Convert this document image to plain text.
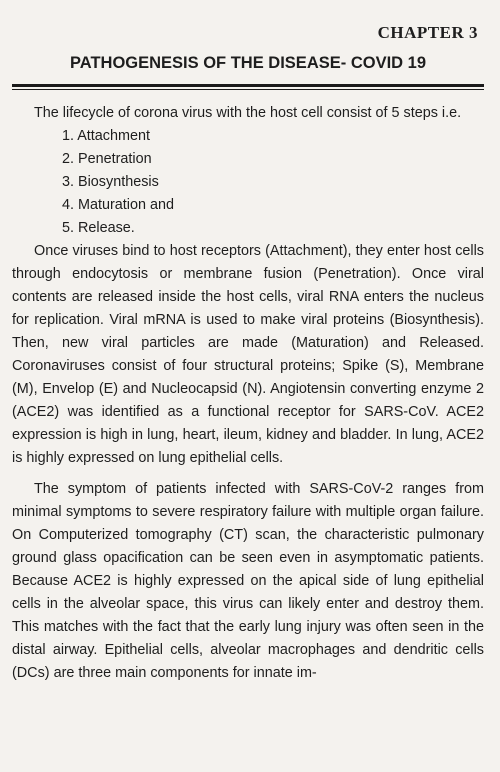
CHAPTER 3
PATHOGENESIS OF THE DISEASE- COVID 19

The lifecycle of corona virus with the host cell consist of 5 steps i.e.

1. Attachment
2. Penetration
3. Biosynthesis
4. Maturation and
5. Release.

Once viruses bind to host receptors (Attachment), they enter host cells through endocytosis or membrane fusion (Penetration). Once viral contents are released inside the host cells, viral RNA enters the nucleus for replication. Viral mRNA is used to make viral proteins (Biosynthesis). Then, new viral particles are made (Maturation) and Released. Coronaviruses consist of four structural proteins; Spike (S), Membrane (M), Envelop (E) and Nucleocapsid (N). Angiotensin converting enzyme 2 (ACE2) was identified as a functional receptor for SARS-CoV. ACE2 expression is high in lung, heart, ileum, kidney and bladder. In lung, ACE2 is highly expressed on lung epithelial cells.

The symptom of patients infected with SARS-CoV-2 ranges from minimal symptoms to severe respiratory failure with multiple organ failure. On Computerized tomography (CT) scan, the characteristic pulmonary ground glass opacification can be seen even in asymptomatic patients. Because ACE2 is highly expressed on the apical side of lung epithelial cells in the alveolar space, this virus can likely enter and destroy them. This matches with the fact that the early lung injury was often seen in the distal airway. Epithelial cells, alveolar macrophages and dendritic cells (DCs) are three main components for innate im-
